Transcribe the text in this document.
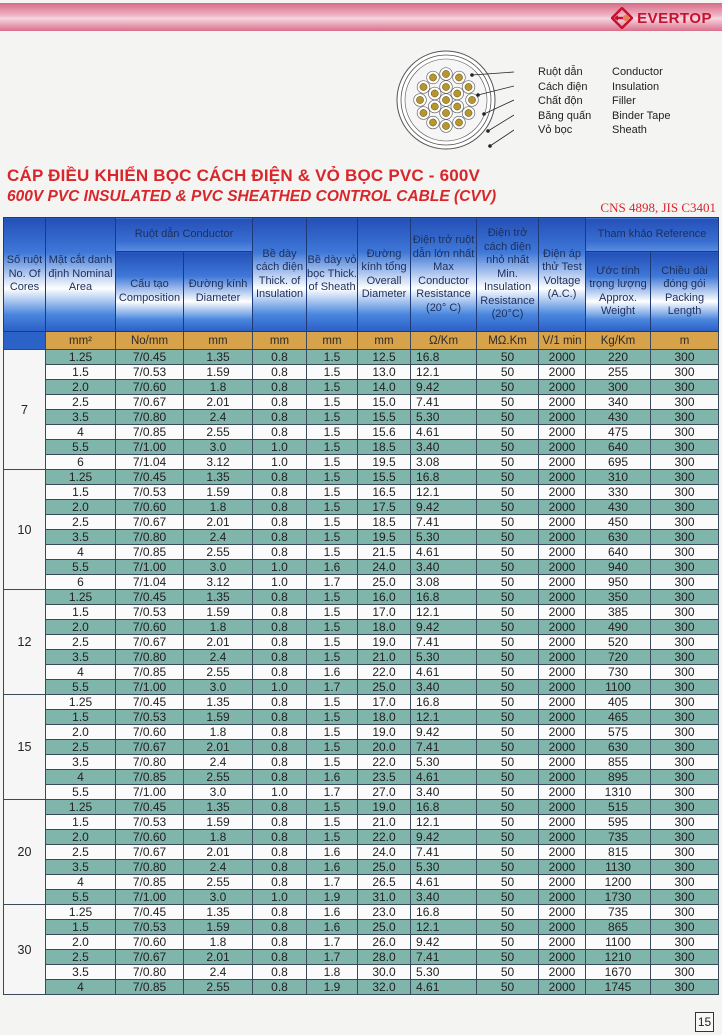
EVERTOP
Ruột dẫn	Conductor
Cách điện	Insulation
Chất độn	Filler
Băng quấn	Binder Tape
Vỏ bọc	Sheath
CÁP ĐIỀU KHIỂN BỌC CÁCH ĐIỆN & VỎ BỌC PVC - 600V
600V PVC INSULATED & PVC SHEATHED CONTROL CABLE (CVV)
CNS 4898, JIS C3401
Số ruột No. Of Cores	Mặt cắt danh định Nominal Area	Ruột dẫn Conductor		Bề dày cách điện Thick. of Insulation	Bề dày vỏ bọc Thick. of Sheath	Đường kính tổng Overall Diameter	Điện trở ruột dẫn lớn nhất Max Conductor Resistance (20° C)	Điện trở cách điện nhỏ nhất Min. Insulation Resistance (20°C)	Điện áp thử Test Voltage (A.C.)	Tham khảo Reference	
		Cấu tạo Composition	Đường kính Diameter							Ước tính trọng lượng Approx. Weight	Chiều dài đóng gói Packing Length
	mm²	No/mm	mm	mm	mm	mm	Ω/Km	MΩ.Km	V/1 min	Kg/Km	m
7	1.25	7/0.45	1.35	0.8	1.5	12.5	16.8	50	2000	220	300
	1.5	7/0.53	1.59	0.8	1.5	13.0	12.1	50	2000	255	300
	2.0	7/0.60	1.8	0.8	1.5	14.0	9.42	50	2000	300	300
	2.5	7/0.67	2.01	0.8	1.5	15.0	7.41	50	2000	340	300
	3.5	7/0.80	2.4	0.8	1.5	15.5	5.30	50	2000	430	300
	4	7/0.85	2.55	0.8	1.5	15.6	4.61	50	2000	475	300
	5.5	7/1.00	3.0	1.0	1.5	18.5	3.40	50	2000	640	300
	6	7/1.04	3.12	1.0	1.5	19.5	3.08	50	2000	695	300
10	1.25	7/0.45	1.35	0.8	1.5	15.5	16.8	50	2000	310	300
	1.5	7/0.53	1.59	0.8	1.5	16.5	12.1	50	2000	330	300
	2.0	7/0.60	1.8	0.8	1.5	17.5	9.42	50	2000	430	300
	2.5	7/0.67	2.01	0.8	1.5	18.5	7.41	50	2000	450	300
	3.5	7/0.80	2.4	0.8	1.5	19.5	5.30	50	2000	630	300
	4	7/0.85	2.55	0.8	1.5	21.5	4.61	50	2000	640	300
	5.5	7/1.00	3.0	1.0	1.6	24.0	3.40	50	2000	940	300
	6	7/1.04	3.12	1.0	1.7	25.0	3.08	50	2000	950	300
12	1.25	7/0.45	1.35	0.8	1.5	16.0	16.8	50	2000	350	300
	1.5	7/0.53	1.59	0.8	1.5	17.0	12.1	50	2000	385	300
	2.0	7/0.60	1.8	0.8	1.5	18.0	9.42	50	2000	490	300
	2.5	7/0.67	2.01	0.8	1.5	19.0	7.41	50	2000	520	300
	3.5	7/0.80	2.4	0.8	1.5	21.0	5.30	50	2000	720	300
	4	7/0.85	2.55	0.8	1.6	22.0	4.61	50	2000	730	300
	5.5	7/1.00	3.0	1.0	1.7	25.0	3.40	50	2000	1100	300
15	1.25	7/0.45	1.35	0.8	1.5	17.0	16.8	50	2000	405	300
	1.5	7/0.53	1.59	0.8	1.5	18.0	12.1	50	2000	465	300
	2.0	7/0.60	1.8	0.8	1.5	19.0	9.42	50	2000	575	300
	2.5	7/0.67	2.01	0.8	1.5	20.0	7.41	50	2000	630	300
	3.5	7/0.80	2.4	0.8	1.5	22.0	5.30	50	2000	855	300
	4	7/0.85	2.55	0.8	1.6	23.5	4.61	50	2000	895	300
	5.5	7/1.00	3.0	1.0	1.7	27.0	3.40	50	2000	1310	300
20	1.25	7/0.45	1.35	0.8	1.5	19.0	16.8	50	2000	515	300
	1.5	7/0.53	1.59	0.8	1.5	21.0	12.1	50	2000	595	300
	2.0	7/0.60	1.8	0.8	1.5	22.0	9.42	50	2000	735	300
	2.5	7/0.67	2.01	0.8	1.6	24.0	7.41	50	2000	815	300
	3.5	7/0.80	2.4	0.8	1.6	25.0	5.30	50	2000	1130	300
	4	7/0.85	2.55	0.8	1.7	26.5	4.61	50	2000	1200	300
	5.5	7/1.00	3.0	1.0	1.9	31.0	3.40	50	2000	1730	300
30	1.25	7/0.45	1.35	0.8	1.6	23.0	16.8	50	2000	735	300
	1.5	7/0.53	1.59	0.8	1.6	25.0	12.1	50	2000	865	300
	2.0	7/0.60	1.8	0.8	1.7	26.0	9.42	50	2000	1100	300
	2.5	7/0.67	2.01	0.8	1.7	28.0	7.41	50	2000	1210	300
	3.5	7/0.80	2.4	0.8	1.8	30.0	5.30	50	2000	1670	300
	4	7/0.85	2.55	0.8	1.9	32.0	4.61	50	2000	1745	300
15
